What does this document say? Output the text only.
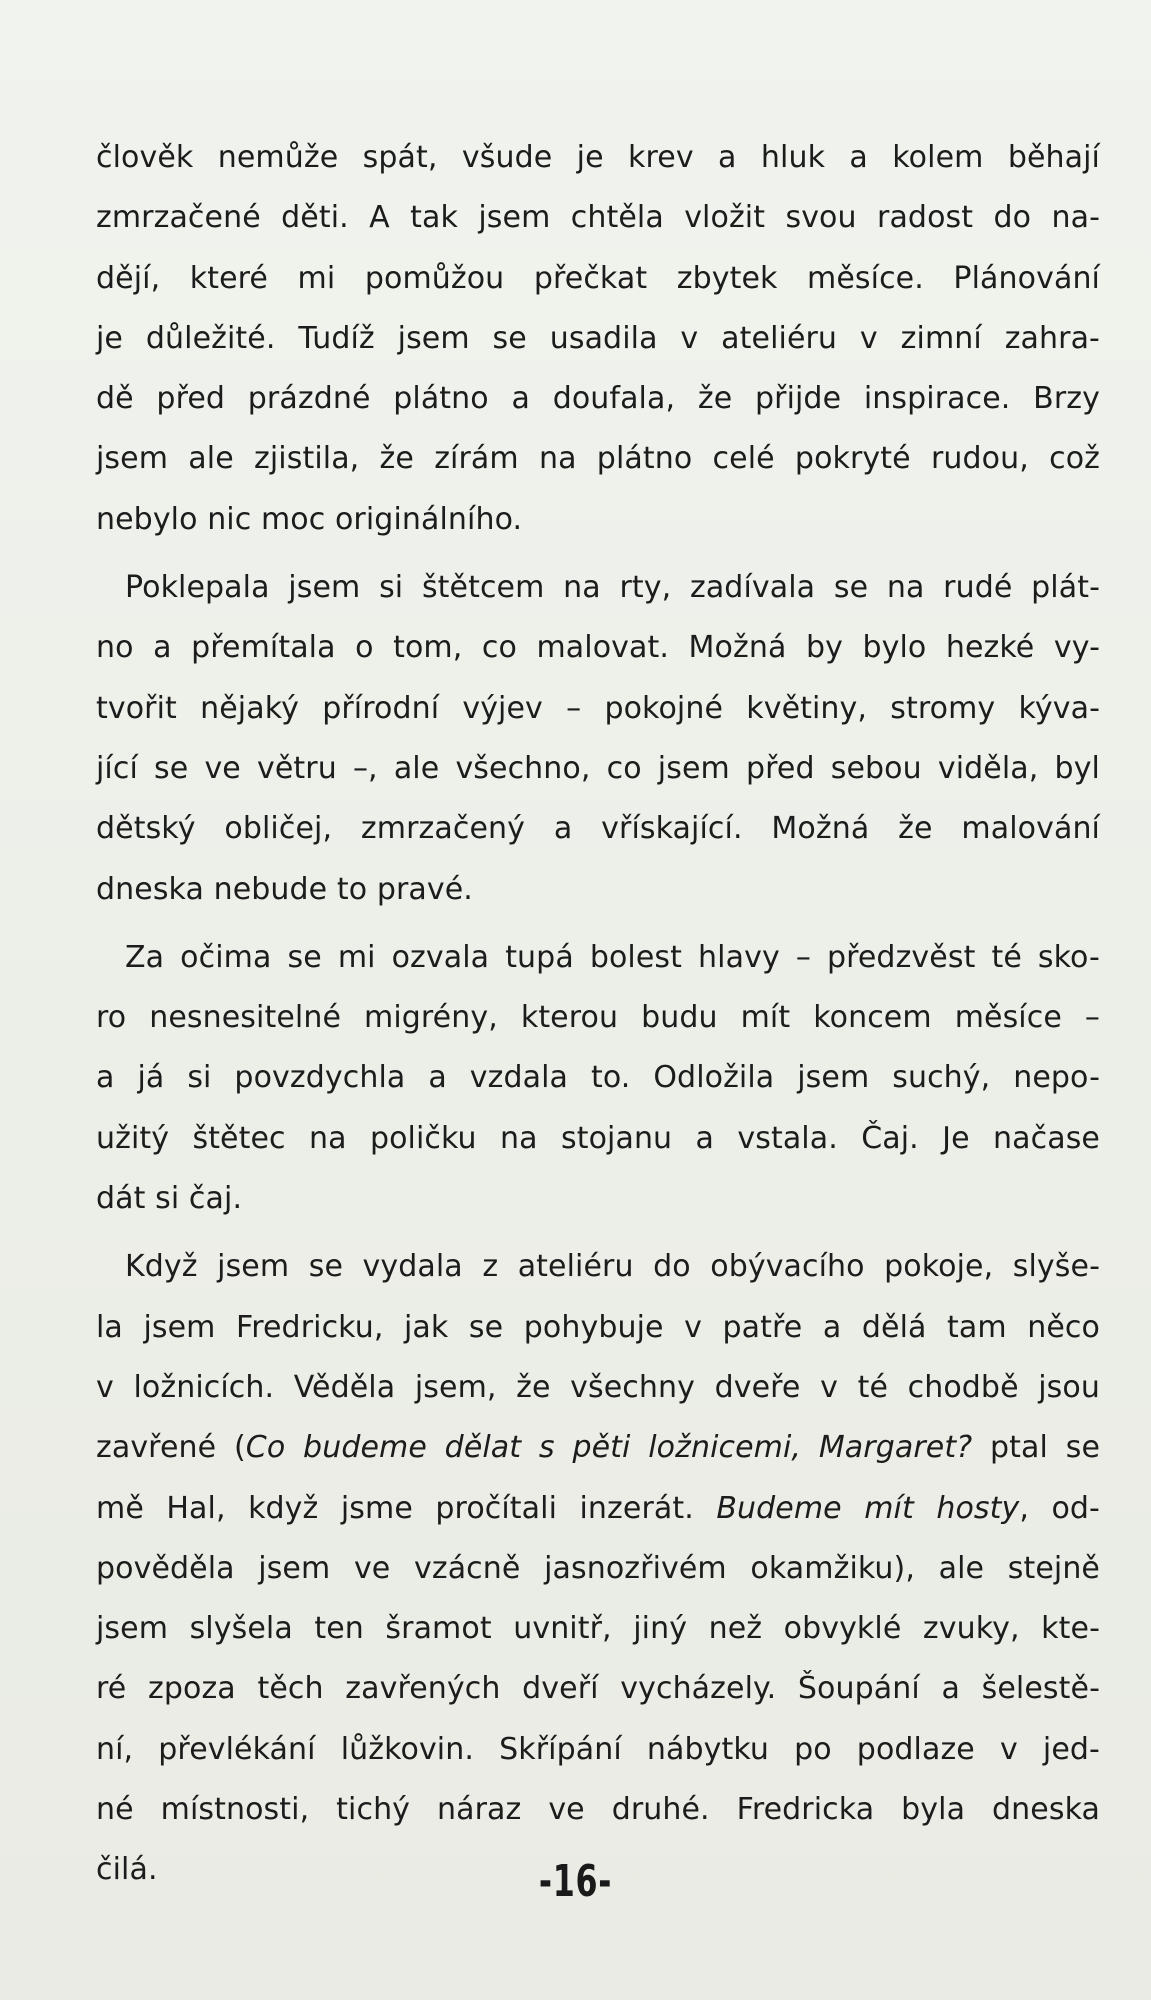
člověk nemůže spát, všude je krev a hluk a kolem běhají
zmrzačené děti. A tak jsem chtěla vložit svou radost do na-
dějí, které mi pomůžou přečkat zbytek měsíce. Plánování
je důležité. Tudíž jsem se usadila v ateliéru v zimní zahra-
dě před prázdné plátno a doufala, že přijde inspirace. Brzy
jsem ale zjistila, že zírám na plátno celé pokryté rudou, což
nebylo nic moc originálního.
Poklepala jsem si štětcem na rty, zadívala se na rudé plát-
no a přemítala o tom, co malovat. Možná by bylo hezké vy-
tvořit nějaký přírodní výjev – pokojné květiny, stromy kýva-
jící se ve větru –, ale všechno, co jsem před sebou viděla, byl
dětský obličej, zmrzačený a vřískající. Možná že malování
dneska nebude to pravé.
Za očima se mi ozvala tupá bolest hlavy – předzvěst té sko-
ro nesnesitelné migrény, kterou budu mít koncem měsíce –
a já si povzdychla a vzdala to. Odložila jsem suchý, nepo-
užitý štětec na poličku na stojanu a vstala. Čaj. Je načase
dát si čaj.
Když jsem se vydala z ateliéru do obývacího pokoje, slyše-
la jsem Fredricku, jak se pohybuje v patře a dělá tam něco
v ložnicích. Věděla jsem, že všechny dveře v té chodbě jsou
zavřené (Co budeme dělat s pěti ložnicemi, Margaret? ptal se
mě Hal, když jsme pročítali inzerát. Budeme mít hosty, od-
pověděla jsem ve vzácně jasnozřivém okamžiku), ale stejně
jsem slyšela ten šramot uvnitř, jiný než obvyklé zvuky, kte-
ré zpoza těch zavřených dveří vycházely. Šoupání a šelestě-
ní, převlékání lůžkovin. Skřípání nábytku po podlaze v jed-
né místnosti, tichý náraz ve druhé. Fredricka byla dneska
čilá.	-16-
